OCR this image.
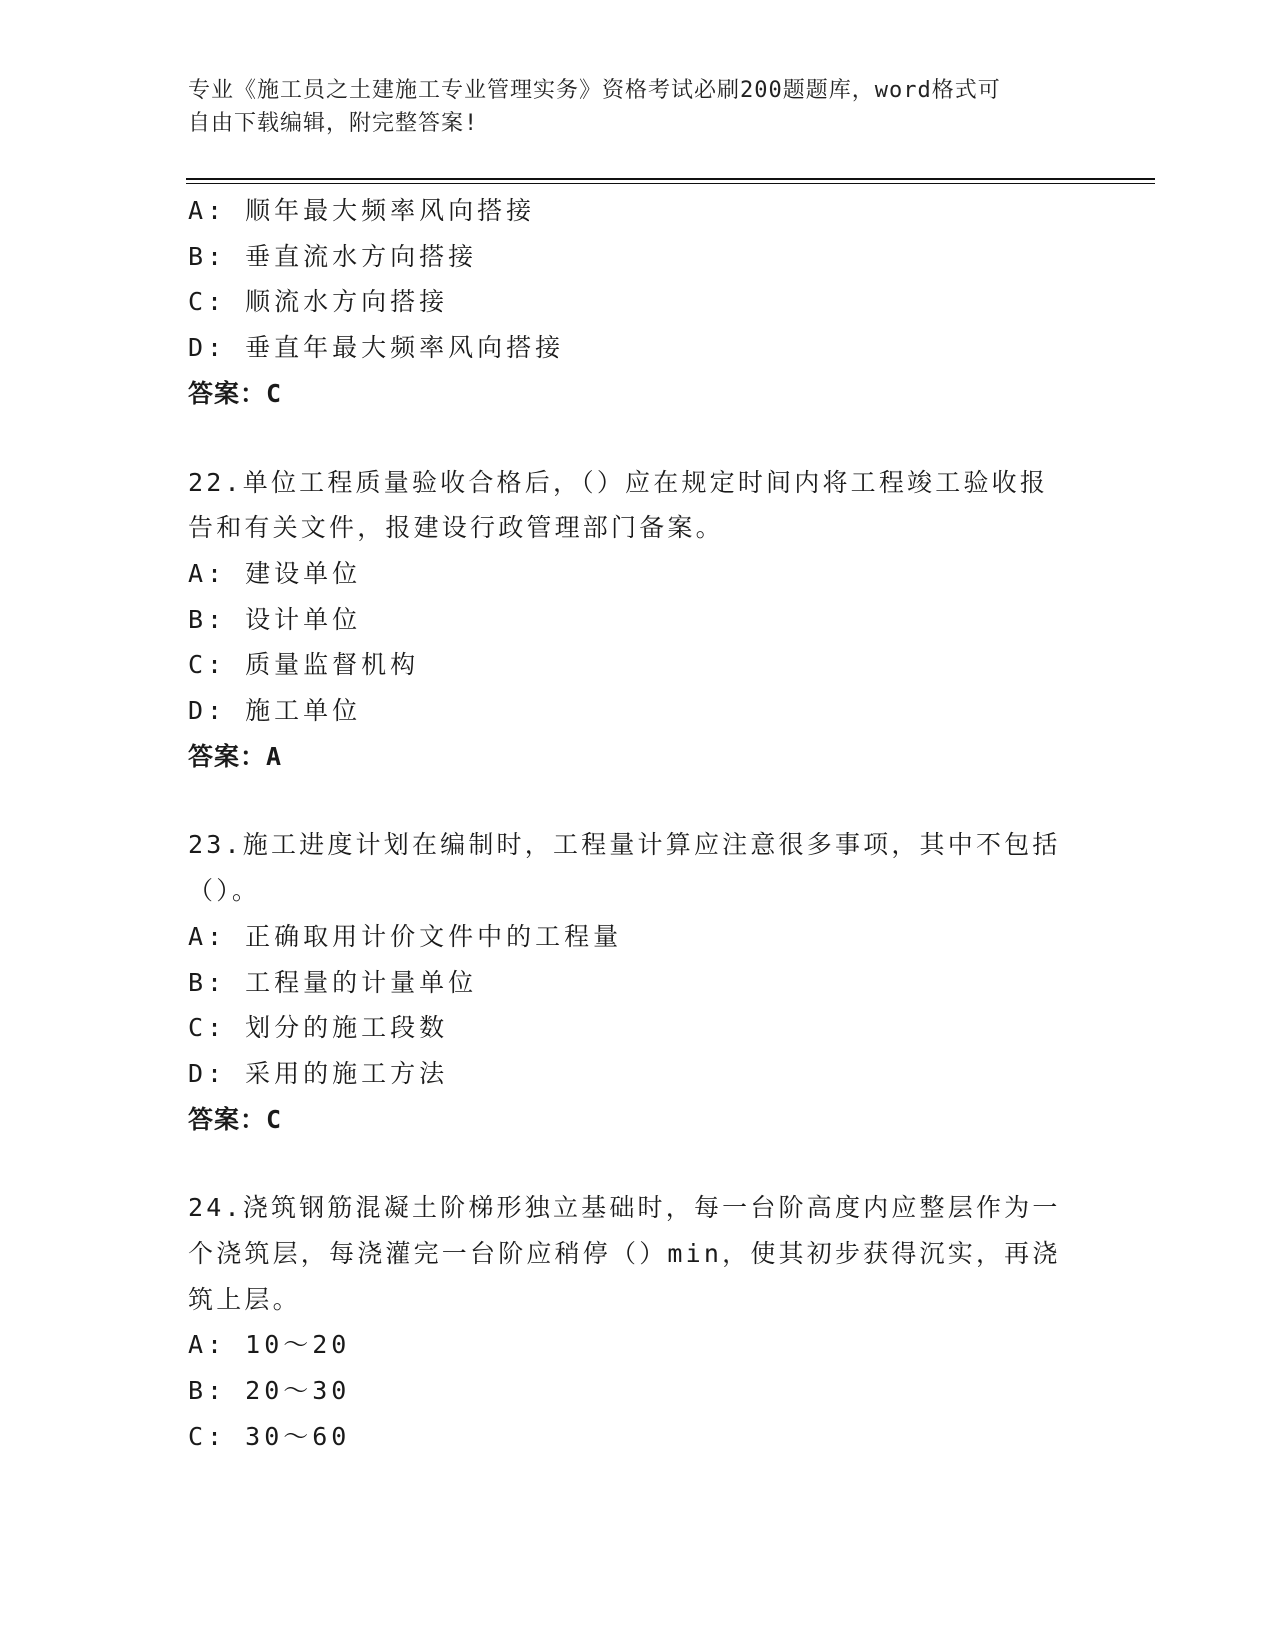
专业《施工员之土建施工专业管理实务》资格考试必刷200题题库，word格式可
自由下载编辑，附完整答案!
A: 顺年最大频率风向搭接
B: 垂直流水方向搭接
C: 顺流水方向搭接
D: 垂直年最大频率风向搭接
答案：C
22.单位工程质量验收合格后，（）应在规定时间内将工程竣工验收报
告和有关文件，报建设行政管理部门备案。
A: 建设单位
B: 设计单位
C: 质量监督机构
D: 施工单位
答案：A
23.施工进度计划在编制时，工程量计算应注意很多事项，其中不包括
（）。
A: 正确取用计价文件中的工程量
B: 工程量的计量单位
C: 划分的施工段数
D: 采用的施工方法
答案：C
24.浇筑钢筋混凝土阶梯形独立基础时，每一台阶高度内应整层作为一
个浇筑层，每浇灌完一台阶应稍停（）min，使其初步获得沉实，再浇
筑上层。
A: 10～20
B: 20～30
C: 30～60
